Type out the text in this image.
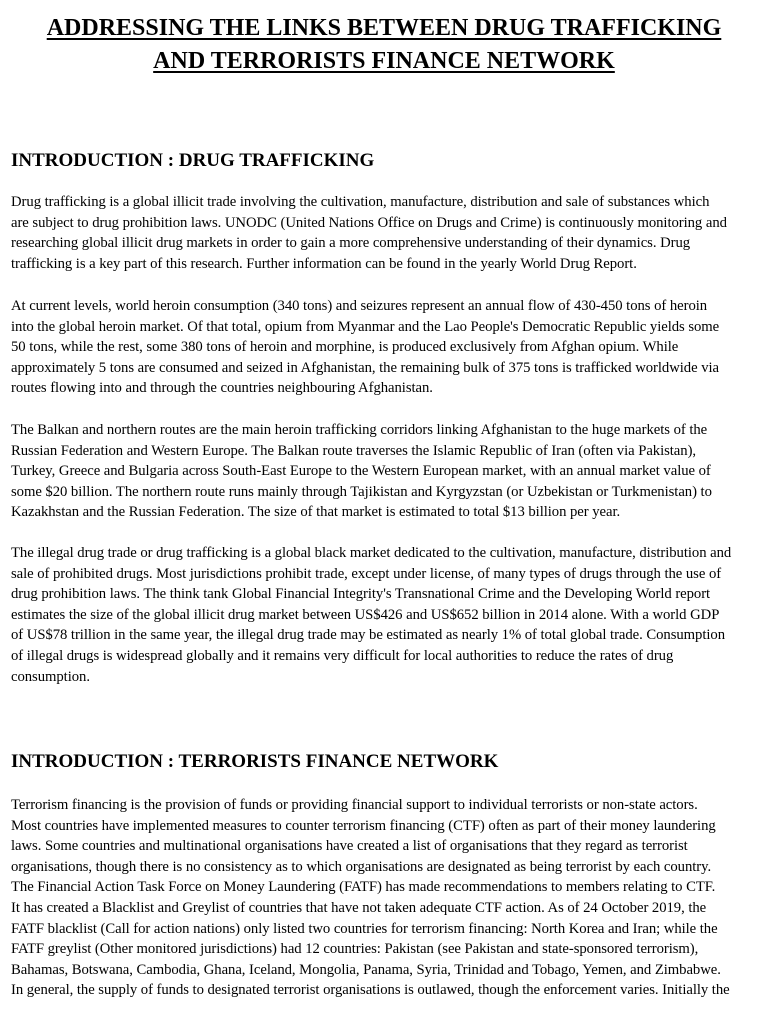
ADDRESSING THE LINKS BETWEEN DRUG TRAFFICKING
AND TERRORISTS FINANCE NETWORK
INTRODUCTION : DRUG TRAFFICKING

Drug trafficking is a global illicit trade involving the cultivation, manufacture, distribution and sale of substances which
are subject to drug prohibition laws. UNODC (United Nations Office on Drugs and Crime) is continuously monitoring and
researching global illicit drug markets in order to gain a more comprehensive understanding of their dynamics. Drug
trafficking is a key part of this research. Further information can be found in the yearly World Drug Report.

At current levels, world heroin consumption (340 tons) and seizures represent an annual flow of 430-450 tons of heroin
into the global heroin market. Of that total, opium from Myanmar and the Lao People's Democratic Republic yields some
50 tons, while the rest, some 380 tons of heroin and morphine, is produced exclusively from Afghan opium. While
approximately 5 tons are consumed and seized in Afghanistan, the remaining bulk of 375 tons is trafficked worldwide via
routes flowing into and through the countries neighbouring Afghanistan.

The Balkan and northern routes are the main heroin trafficking corridors linking Afghanistan to the huge markets of the
Russian Federation and Western Europe. The Balkan route traverses the Islamic Republic of Iran (often via Pakistan),
Turkey, Greece and Bulgaria across South-East Europe to the Western European market, with an annual market value of
some $20 billion. The northern route runs mainly through Tajikistan and Kyrgyzstan (or Uzbekistan or Turkmenistan) to
Kazakhstan and the Russian Federation. The size of that market is estimated to total $13 billion per year.

The illegal drug trade or drug trafficking is a global black market dedicated to the cultivation, manufacture, distribution and
sale of prohibited drugs. Most jurisdictions prohibit trade, except under license, of many types of drugs through the use of
drug prohibition laws. The think tank Global Financial Integrity's Transnational Crime and the Developing World report
estimates the size of the global illicit drug market between US$426 and US$652 billion in 2014 alone. With a world GDP
of US$78 trillion in the same year, the illegal drug trade may be estimated as nearly 1% of total global trade. Consumption
of illegal drugs is widespread globally and it remains very difficult for local authorities to reduce the rates of drug
consumption.

INTRODUCTION : TERRORISTS FINANCE NETWORK

Terrorism financing is the provision of funds or providing financial support to individual terrorists or non-state actors.
Most countries have implemented measures to counter terrorism financing (CTF) often as part of their money laundering
laws. Some countries and multinational organisations have created a list of organisations that they regard as terrorist
organisations, though there is no consistency as to which organisations are designated as being terrorist by each country.
The Financial Action Task Force on Money Laundering (FATF) has made recommendations to members relating to CTF.
It has created a Blacklist and Greylist of countries that have not taken adequate CTF action. As of 24 October 2019, the
FATF blacklist (Call for action nations) only listed two countries for terrorism financing: North Korea and Iran; while the
FATF greylist (Other monitored jurisdictions) had 12 countries: Pakistan (see Pakistan and state-sponsored terrorism),
Bahamas, Botswana, Cambodia, Ghana, Iceland, Mongolia, Panama, Syria, Trinidad and Tobago, Yemen, and Zimbabwe.
In general, the supply of funds to designated terrorist organisations is outlawed, though the enforcement varies. Initially the
